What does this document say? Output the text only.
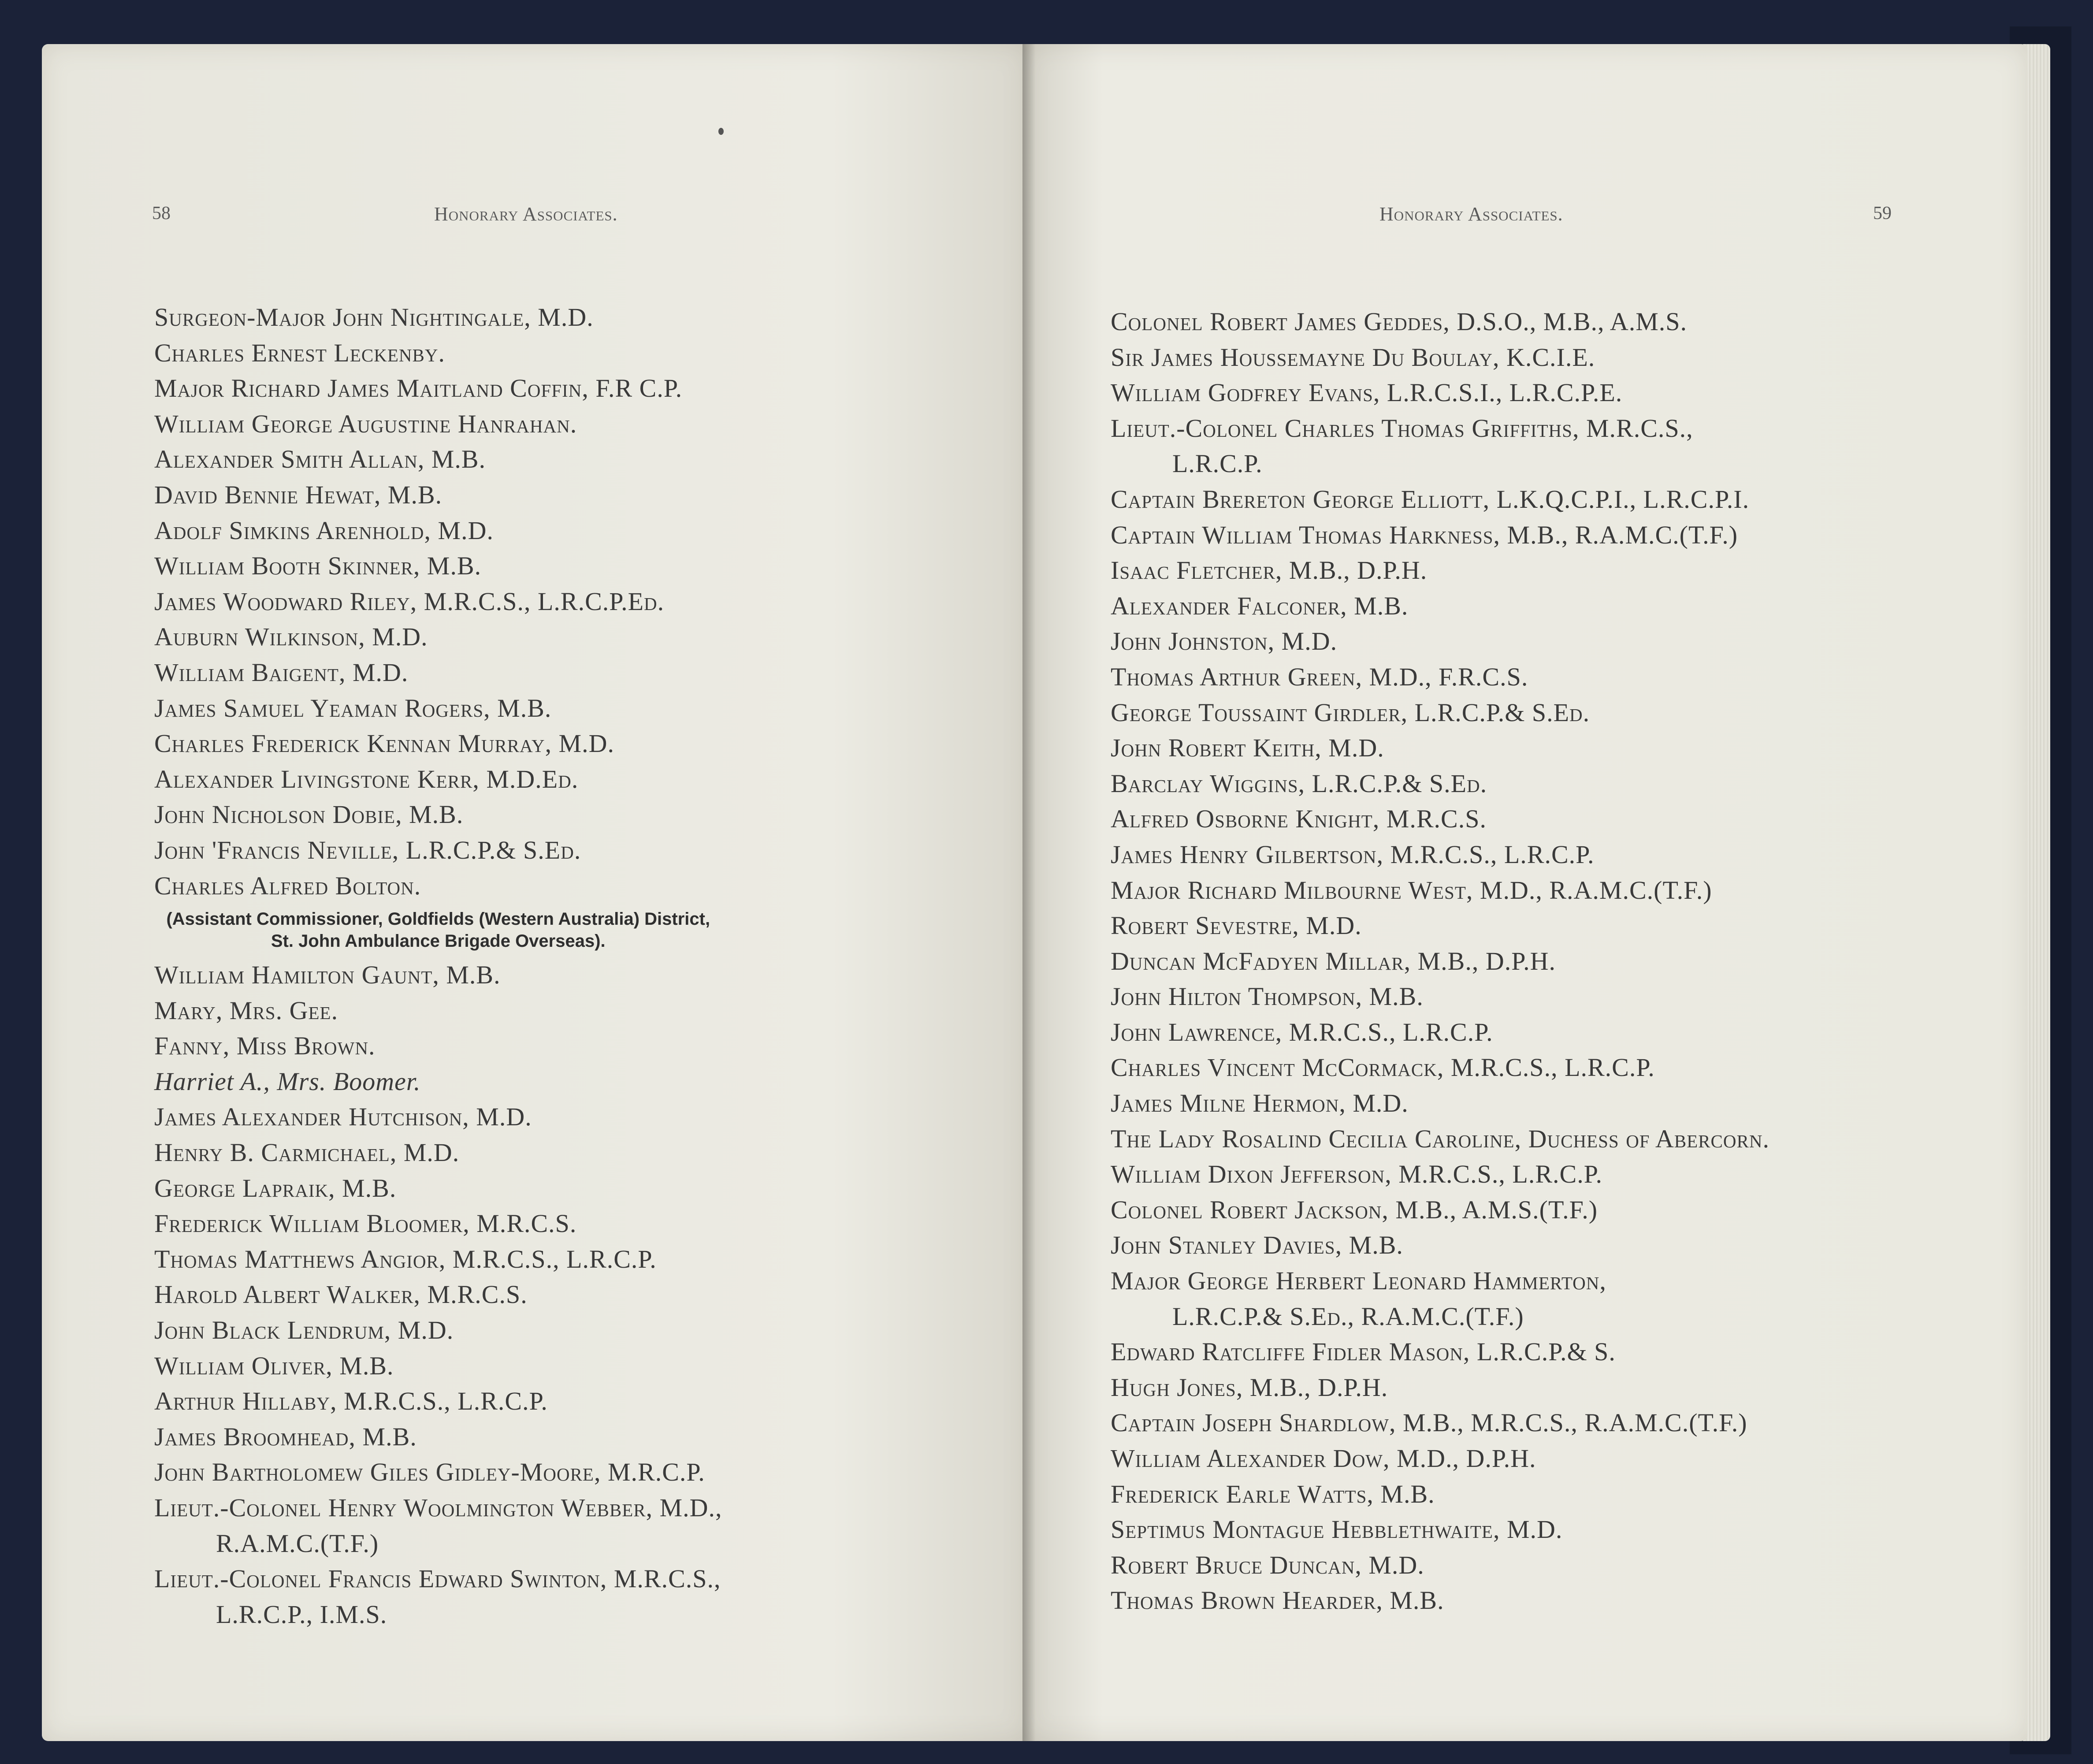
58	Honorary Associates.
Surgeon-Major John Nightingale, M.D.
Charles Ernest Leckenby.
Major Richard James Maitland Coffin, F.R C.P.
William George Augustine Hanrahan.
Alexander Smith Allan, M.B.
David Bennie Hewat, M.B.
Adolf Simkins Arenhold, M.D.
William Booth Skinner, M.B.
James Woodward Riley, M.R.C.S., L.R.C.P.Ed.
Auburn Wilkinson, M.D.
William Baigent, M.D.
James Samuel Yeaman Rogers, M.B.
Charles Frederick Kennan Murray, M.D.
Alexander Livingstone Kerr, M.D.Ed.
John Nicholson Dobie, M.B.
John 'Francis Neville, L.R.C.P.& S.Ed.
Charles Alfred Bolton.
(Assistant Commissioner, Goldfields (Western Australia) District,
St. John Ambulance Brigade Overseas).
William Hamilton Gaunt, M.B.
Mary, Mrs. Gee.
Fanny, Miss Brown.
Harriet A., Mrs. Boomer.
James Alexander Hutchison, M.D.
Henry B. Carmichael, M.D.
George Lapraik, M.B.
Frederick William Bloomer, M.R.C.S.
Thomas Matthews Angior, M.R.C.S., L.R.C.P.
Harold Albert Walker, M.R.C.S.
John Black Lendrum, M.D.
William Oliver, M.B.
Arthur Hillaby, M.R.C.S., L.R.C.P.
James Broomhead, M.B.
John Bartholomew Giles Gidley-Moore, M.R.C.P.
Lieut.-Colonel Henry Woolmington Webber, M.D.,
R.A.M.C.(T.F.)
Lieut.-Colonel Francis Edward Swinton, M.R.C.S.,
L.R.C.P., I.M.S.
Honorary Associates.	59
Colonel Robert James Geddes, D.S.O., M.B., A.M.S.
Sir James Houssemayne Du Boulay, K.C.I.E.
William Godfrey Evans, L.R.C.S.I., L.R.C.P.E.
Lieut.-Colonel Charles Thomas Griffiths, M.R.C.S.,
L.R.C.P.
Captain Brereton George Elliott, L.K.Q.C.P.I., L.R.C.P.I.
Captain William Thomas Harkness, M.B., R.A.M.C.(T.F.)
Isaac Fletcher, M.B., D.P.H.
Alexander Falconer, M.B.
John Johnston, M.D.
Thomas Arthur Green, M.D., F.R.C.S.
George Toussaint Girdler, L.R.C.P.& S.Ed.
John Robert Keith, M.D.
Barclay Wiggins, L.R.C.P.& S.Ed.
Alfred Osborne Knight, M.R.C.S.
James Henry Gilbertson, M.R.C.S., L.R.C.P.
Major Richard Milbourne West, M.D., R.A.M.C.(T.F.)
Robert Sevestre, M.D.
Duncan McFadyen Millar, M.B., D.P.H.
John Hilton Thompson, M.B.
John Lawrence, M.R.C.S., L.R.C.P.
Charles Vincent McCormack, M.R.C.S., L.R.C.P.
James Milne Hermon, M.D.
The Lady Rosalind Cecilia Caroline, Duchess of Abercorn.
William Dixon Jefferson, M.R.C.S., L.R.C.P.
Colonel Robert Jackson, M.B., A.M.S.(T.F.)
John Stanley Davies, M.B.
Major George Herbert Leonard Hammerton,
L.R.C.P.& S.Ed., R.A.M.C.(T.F.)
Edward Ratcliffe Fidler Mason, L.R.C.P.& S.
Hugh Jones, M.B., D.P.H.
Captain Joseph Shardlow, M.B., M.R.C.S., R.A.M.C.(T.F.)
William Alexander Dow, M.D., D.P.H.
Frederick Earle Watts, M.B.
Septimus Montague Hebblethwaite, M.D.
Robert Bruce Duncan, M.D.
Thomas Brown Hearder, M.B.
